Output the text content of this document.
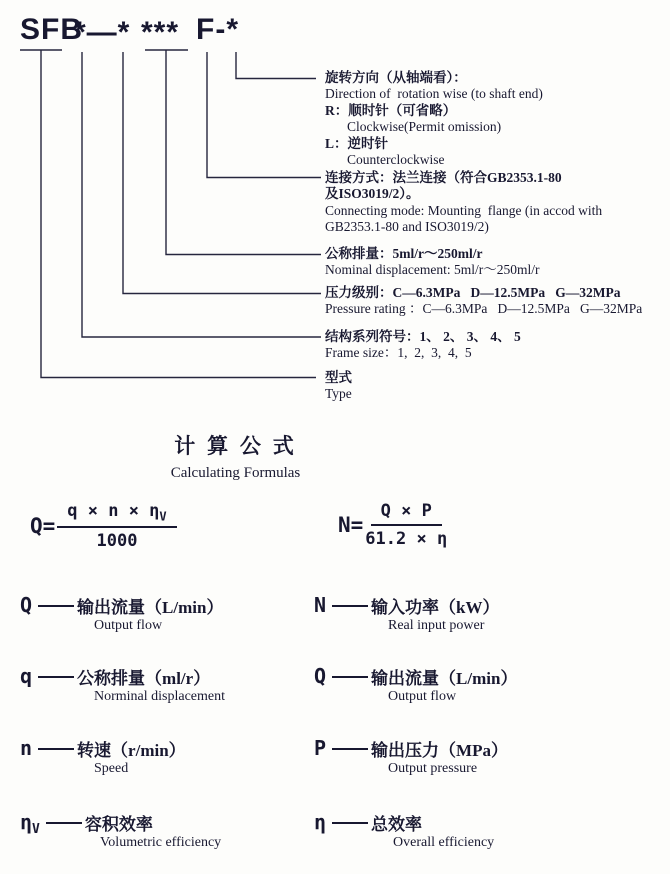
SFB
*—* *** F-*
旋转方向（从轴端看）：
Direction of  rotation wise (to shaft end)
R：顺时针（可省略）
Clockwise(Permit omission)
L：逆时针
Counterclockwise
连接方式：法兰连接（符合GB2353.1-80
及ISO3019/2）。
Connecting mode: Mounting  flange (in accod with
GB2353.1-80 and ISO3019/2)
公称排量：5ml/r～250ml/r
Nominal displacement: 5ml/r～250ml/r
压力级别：C—6.3MPa   D—12.5MPa   G—32MPa
Pressure rating ：C—6.3MPa   D—12.5MPa   G—32MPa
结构系列符号：1、 2、 3、 4、 5
Frame size：1,  2,  3,  4,  5
型式
Type
计 算 公 式
Calculating Formulas
$Q= \frac{q \times n \times \eta_V}{1000}$	$N= \frac{Q \times P}{61.2 \times \eta}$
Q	输出流量（L/min）
Output flow
N	输入功率（kW）
Real input power
q	公称排量（ml/r）
Norminal displacement
Q	输出流量（L/min）
Output flow
n	转速（r/min）
Speed
P	输出压力（MPa）
Output pressure
η V	容积效率
Volumetric efficiency
η	总效率
Overall efficiency
